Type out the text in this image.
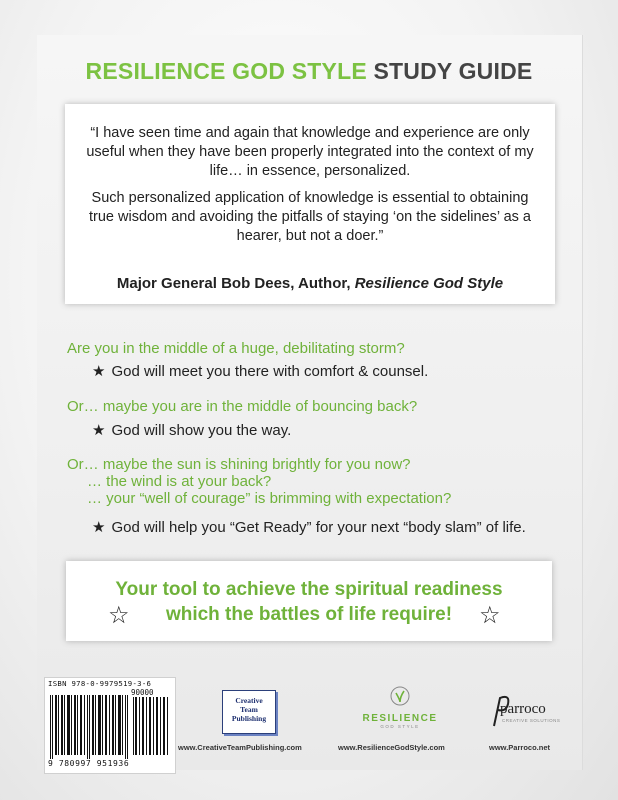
RESILIENCE GOD STYLE STUDY GUIDE

“I have seen time and again that knowledge and experience are only useful when they have been properly integrated into the context of my life… in essence, personalized.

Such personalized application of knowledge is essential to obtaining true wisdom and avoiding the pitfalls of staying ‘on the sidelines’ as a hearer, but not a doer.”

Major General Bob Dees, Author, Resilience God Style
Are you in the middle of a huge, debilitating storm?
★ God will meet you there with comfort & counsel.
Or… maybe you are in the middle of bouncing back?
★ God will show you the way.
Or… maybe the sun is shining brightly for you now?
… the wind is at your back?
… your “well of courage” is brimming with expectation?
★ God will help you “Get Ready” for your next “body slam” of life.
Your tool to achieve the spiritual readiness
which the battles of life require!
☆	☆
ISBN 978-0-9979519-3-6
90000
9 780997 951936
Creative
Team
Publishing
www.CreativeTeamPublishing.com
RESILIENCE
GOD STYLE
www.ResilienceGodStyle.com
parroco
CREATIVE SOLUTIONS
www.Parroco.net
